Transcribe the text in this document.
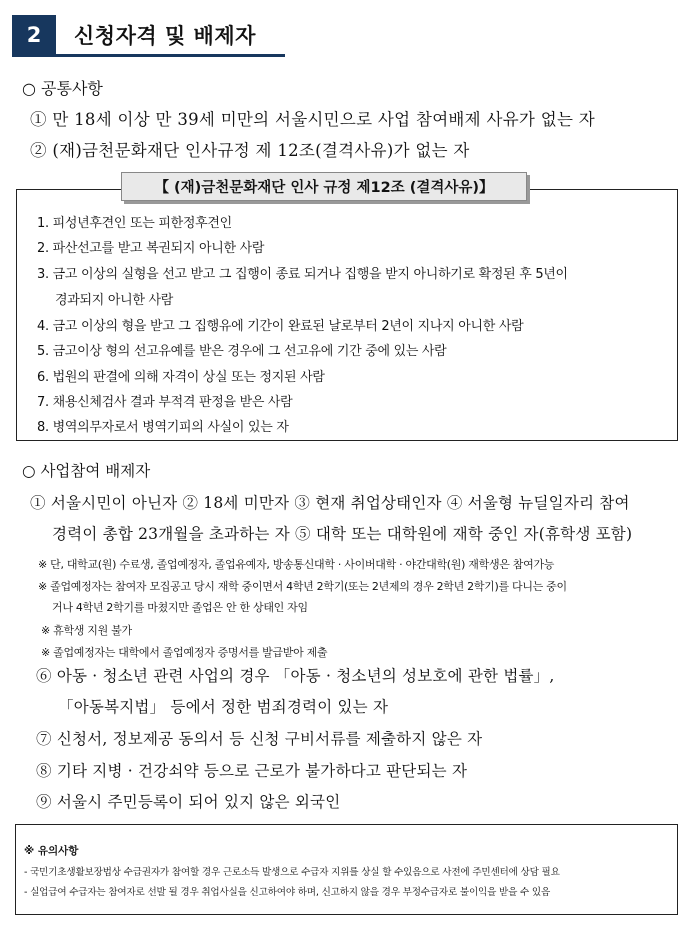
2	신청자격 및 배제자
○ 공통사항
① 만 18세 이상 만 39세 미만의 서울시민으로 사업 참여배제 사유가 없는 자
② (재)금천문화재단 인사규정 제 12조(결격사유)가 없는 자
【 (재)금천문화재단 인사 규정 제12조 (결격사유)】
1. 피성년후견인 또는 피한정후견인
2. 파산선고를 받고 복권되지 아니한 사람
3. 금고 이상의 실형을 선고 받고 그 집행이 종료 되거나 집행을 받지 아니하기로 확정된 후 5년이
경과되지 아니한 사람
4. 금고 이상의 형을 받고 그 집행유에 기간이 완료된 날로부터 2년이 지나지 아니한 사람
5. 금고이상 형의 선고유예를 받은 경우에 그 선고유에 기간 중에 있는 사람
6. 법원의 판결에 의해 자격이 상실 또는 정지된 사람
7. 채용신체검사 결과 부적격 판정을 받은 사람
8. 병역의무자로서 병역기피의 사실이 있는 자
○ 사업참여 배제자
① 서울시민이 아닌자 ② 18세 미만자 ③ 현재 취업상태인자 ④ 서울형 뉴딜일자리 참여
경력이 총합 23개월을 초과하는 자 ⑤ 대학 또는 대학원에 재학 중인 자(휴학생 포함)
※ 단, 대학교(원) 수료생, 졸업예정자, 졸업유예자, 방송통신대학 · 사이버대학 · 야간대학(원) 재학생은 참여가능
※ 졸업예정자는 참여자 모집공고 당시 재학 중이면서 4학년 2학기(또는 2년제의 경우 2학년 2학기)를 다니는 중이
거나 4학년 2학기를 마쳤지만 졸업은 안 한 상태인 자임
※ 휴학생 지원 불가
※ 졸업예정자는 대학에서 졸업예정자 증명서를 발급받아 제출
⑥ 아동 · 청소년 관련 사업의 경우 「아동 · 청소년의 성보호에 관한 법률」,
「아동복지법」 등에서 정한 범죄경력이 있는 자
⑦ 신청서, 정보제공 동의서 등 신청 구비서류를 제출하지 않은 자
⑧ 기타 지병 · 건강쇠약 등으로 근로가 불가하다고 판단되는 자
⑨ 서울시 주민등록이 되어 있지 않은 외국인
※ 유의사항
- 국민기초생활보장법상 수급권자가 참여할 경우 근로소득 발생으로 수급자 지위를 상실 할 수있음으로 사전에 주민센터에 상담 필요
- 실업급여 수급자는 참여자로 선발 될 경우 취업사실을 신고하여야 하며, 신고하지 않을 경우 부정수급자로 불이익을 받을 수 있음
